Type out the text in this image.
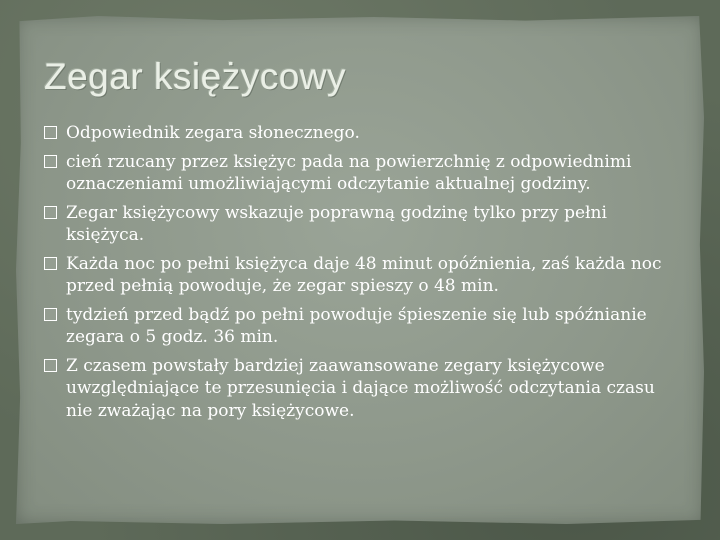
Zegar księżycowy
Odpowiednik zegara słonecznego.
cień rzucany przez księżyc pada na powierzchnię z odpowiednimi oznaczeniami umożliwiającymi odczytanie aktualnej godziny.
Zegar księżycowy wskazuje poprawną godzinę tylko przy pełni księżyca.
Każda noc po pełni księżyca daje 48 minut opóźnienia, zaś każda noc przed pełnią powoduje, że zegar spieszy o 48 min.
tydzień przed bądź po pełni powoduje śpieszenie się lub spóźnianie zegara o 5 godz. 36 min.
Z czasem powstały bardziej zaawansowane zegary księżycowe uwzględniające te przesunięcia i dające możliwość odczytania czasu nie zważając na pory księżycowe.
